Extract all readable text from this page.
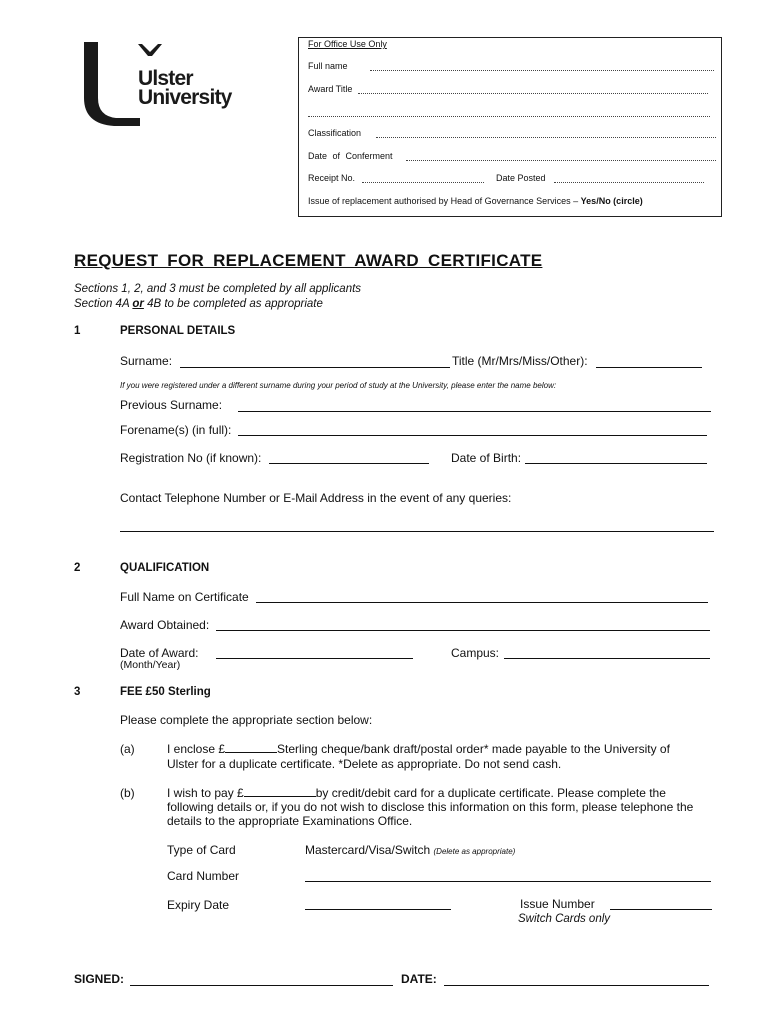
Ulster
University
For Office Use Only
Full name
Award Title
Classification
Date of Conferment
Receipt No.	Date Posted
Issue of replacement authorised by Head of Governance Services – Yes/No (circle)
REQUEST FOR REPLACEMENT AWARD CERTIFICATE
Sections 1, 2, and 3 must be completed by all applicants
Section 4A or 4B to be completed as appropriate
1	PERSONAL DETAILS
Surname:	Title (Mr/Mrs/Miss/Other):
If you were registered under a different surname during your period of study at the University, please enter the name below:
Previous Surname:
Forename(s) (in full):
Registration No (if known):	Date of Birth:
Contact Telephone Number or E-Mail Address in the event of any queries:
2	QUALIFICATION
Full Name on Certificate
Award Obtained:
Date of Award:
(Month/Year)
Campus:
3	FEE £50 Sterling
Please complete the appropriate section below:
(a)	I enclose £	Sterling cheque/bank draft/postal order* made payable to the University of
Ulster for a duplicate certificate. *Delete as appropriate. Do not send cash.
(b)	I wish to pay £	by credit/debit card for a duplicate certificate. Please complete the
following details or, if you do not wish to disclose this information on this form, please telephone the
details to the appropriate Examinations Office.
Type of Card	Mastercard/Visa/Switch (Delete as appropriate)
Card Number
Expiry Date	Issue Number
Switch Cards only
SIGNED:	DATE:
